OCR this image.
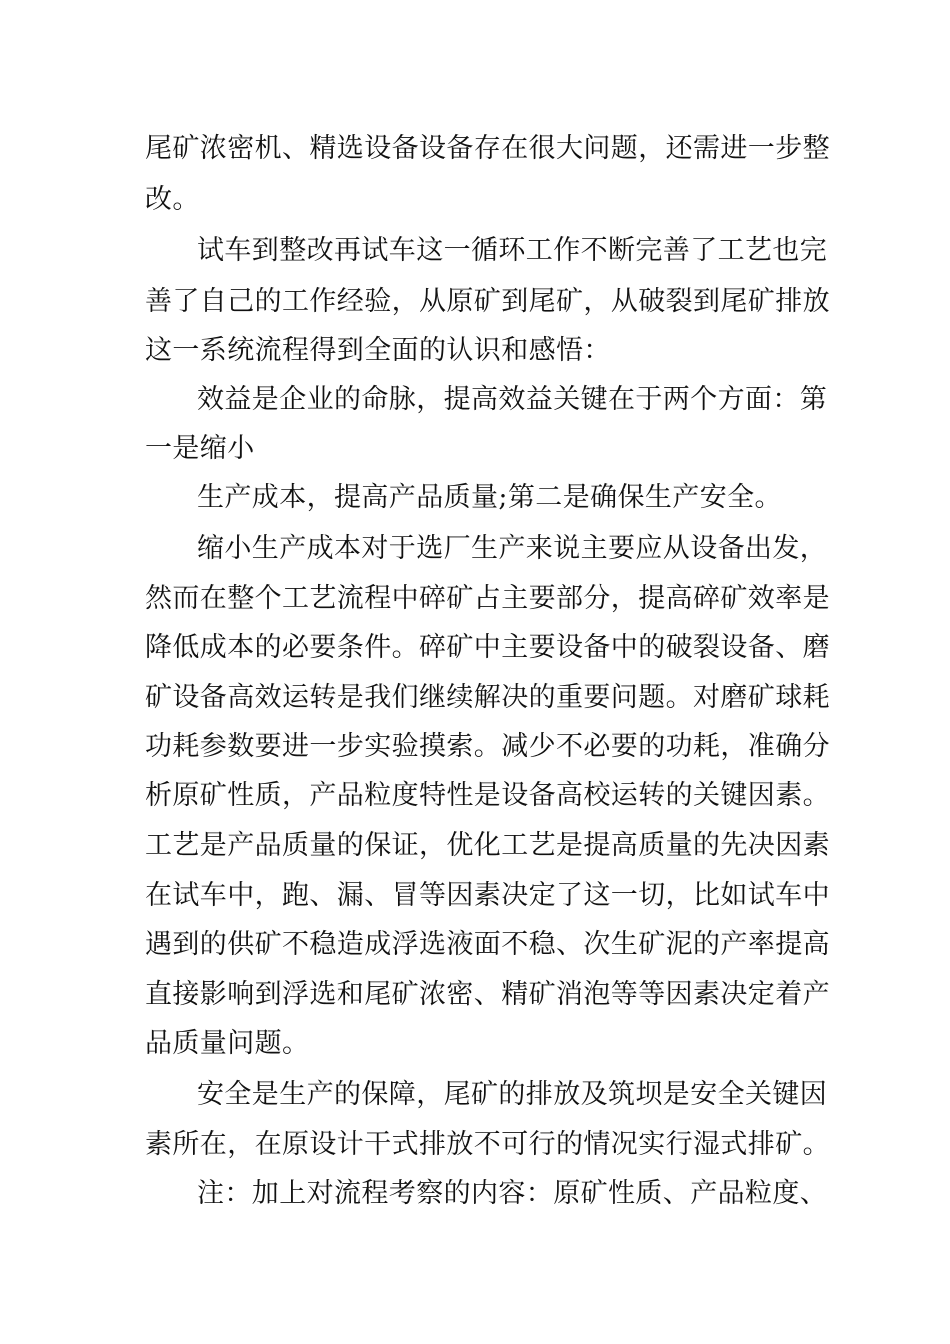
尾矿浓密机、精选设备设备存在很大问题，还需进一步整
改。
试车到整改再试车这一循环工作不断完善了工艺也完
善了自己的工作经验，从原矿到尾矿，从破裂到尾矿排放
这一系统流程得到全面的认识和感悟：
效益是企业的命脉，提高效益关键在于两个方面：第
一是缩小
生产成本，提高产品质量;第二是确保生产安全。
缩小生产成本对于选厂生产来说主要应从设备出发，
然而在整个工艺流程中碎矿占主要部分，提高碎矿效率是
降低成本的必要条件。碎矿中主要设备中的破裂设备、磨
矿设备高效运转是我们继续解决的重要问题。对磨矿球耗
功耗参数要进一步实验摸索。减少不必要的功耗，准确分
析原矿性质，产品粒度特性是设备高校运转的关键因素。
工艺是产品质量的保证，优化工艺是提高质量的先决因素
在试车中，跑、漏、冒等因素决定了这一切，比如试车中
遇到的供矿不稳造成浮选液面不稳、次生矿泥的产率提高
直接影响到浮选和尾矿浓密、精矿消泡等等因素决定着产
品质量问题。
安全是生产的保障，尾矿的排放及筑坝是安全关键因
素所在，在原设计干式排放不可行的情况实行湿式排矿。
注：加上对流程考察的内容：原矿性质、产品粒度、
